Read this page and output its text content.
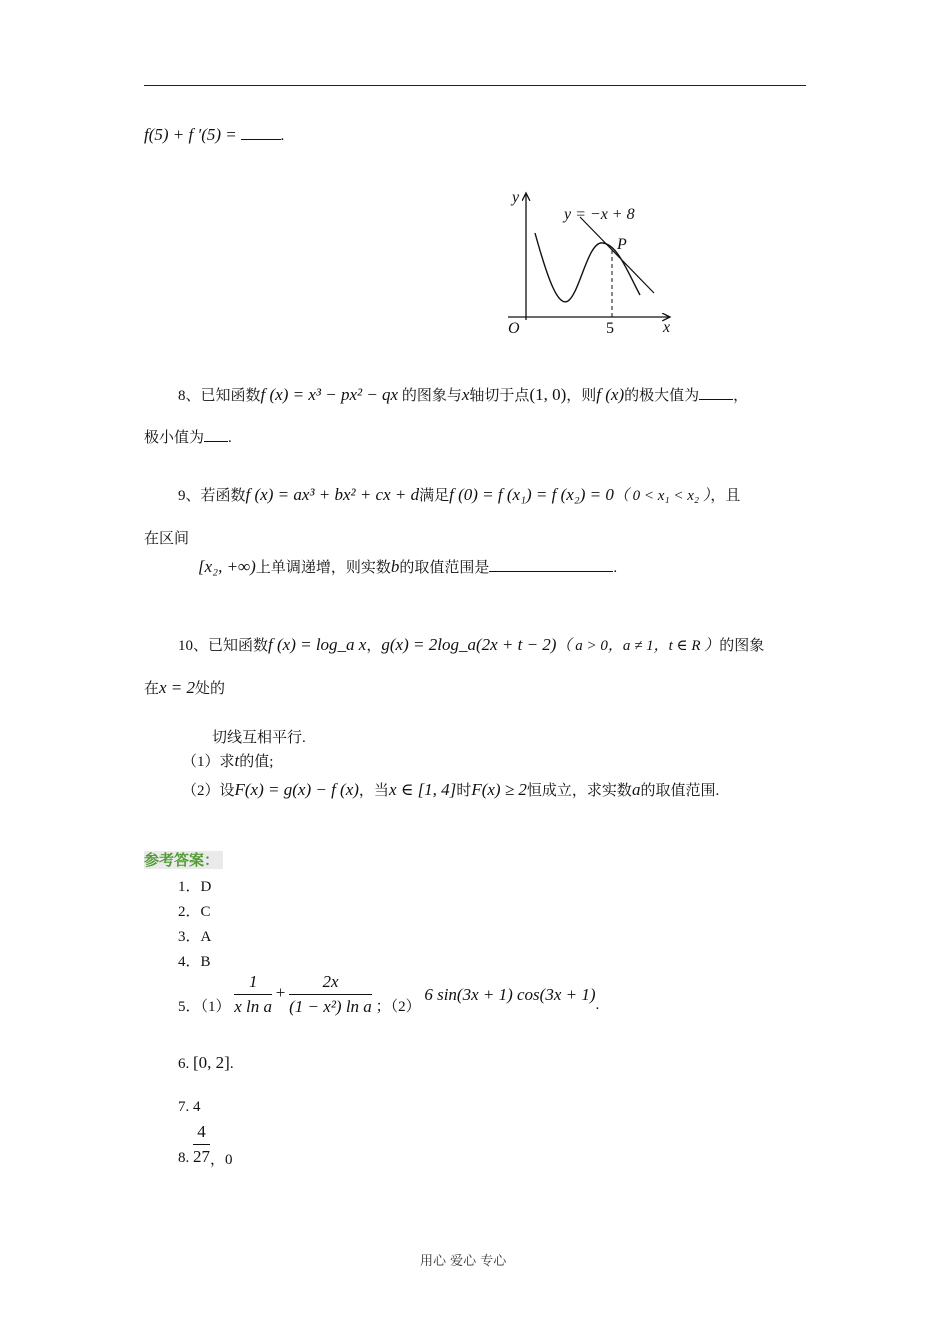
f(5) + f ′(5) =	.
y
x
O	5
P
y = −x + 8
8、已知函数f (x) = x³ − px² − qx 的图象与x轴切于点(1, 0)，则f (x)的极大值为 ，
极小值为 .
9、若函数f (x) = ax³ + bx² + cx + d满足f (0) = f (x₁) = f (x₂) = 0（ 0 < x₁ < x₂ ），且
在区间
[x₂, +∞)上单调递增，则实数b的取值范围是	.
10、已知函数f (x) = log_a x，g(x) = 2log_a(2x + t − 2)（ a > 0，a ≠ 1，t ∈ R ）的图象
在x = 2处的
切线互相平行.
（1）求t的值;
（2）设F(x) = g(x) − f (x)，当x ∈ [1, 4]时F(x) ≥ 2恒成立，求实数a的取值范围.
参考答案：
1．D
2．C
3．A
4．B
5．$(1) \frac{1}{\text{x ln a}} + \frac{2x}{\text{(1 − x²) ln a}}$ ；（2） 6 sin(3x + 1) cos(3x + 1).
6. [0, 2].
7. 4
8. $\frac{4}{27}$ ，0
用心 爱心 专心
